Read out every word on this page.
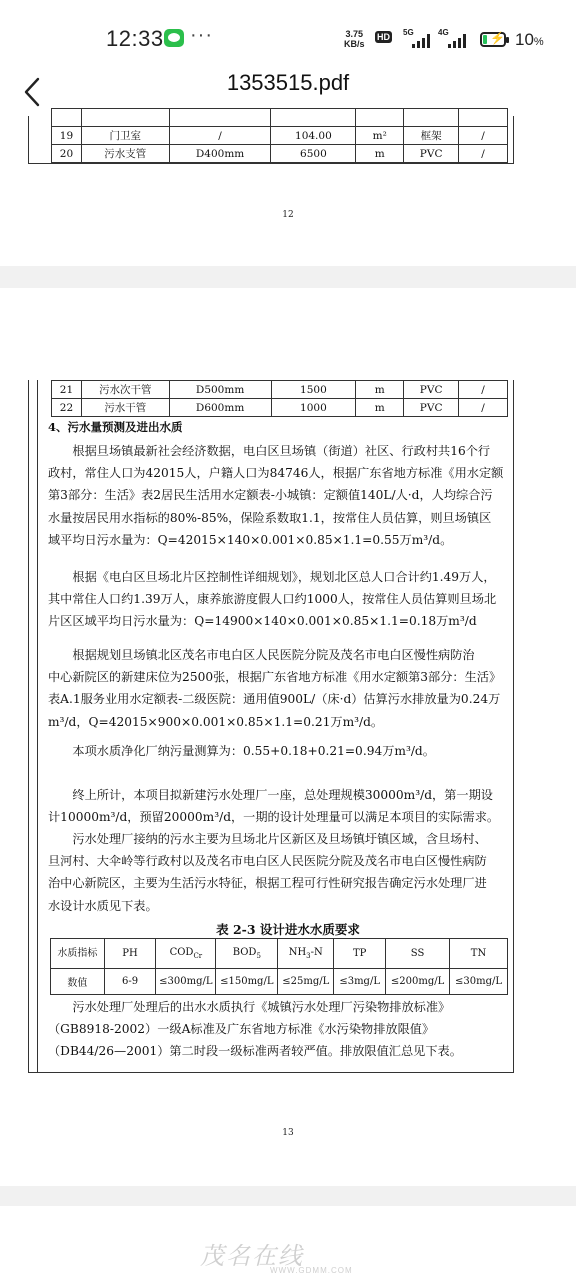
12:33 ···	3.75
KB/s
HD 5G	4G	⚡ 10%
1353515.pdf

19	门卫室	/	104.00	m²	框架	/
20	污水支管	D400mm	6500	m	PVC	/
12
21	污水次干管	D500mm	1500	m	PVC	/
22	污水干管	D600mm	1000	m	PVC	/
4、污水量预测及进出水质
根据旦场镇最新社会经济数据，电白区旦场镇（街道）社区、行政村共16个行
政村，常住人口为42015人，户籍人口为84746人，根据广东省地方标准《用水定额
第3部分：生活》表2居民生活用水定额表-小城镇：定额值140L/人·d，人均综合污
水量按居民用水指标的80%-85%，保险系数取1.1，按常住人员估算，则旦场镇区
域平均日污水量为：Q=42015×140×0.001×0.85×1.1=0.55万m³/d。
根据《电白区旦场北片区控制性详细规划》，规划北区总人口合计约1.49万人，
其中常住人口约1.39万人，康养旅游度假人口约1000人，按常住人员估算则旦场北
片区区域平均日污水量为：Q=14900×140×0.001×0.85×1.1=0.18万m³/d
根据规划旦场镇北区茂名市电白区人民医院分院及茂名市电白区慢性病防治
中心新院区的新建床位为2500张，根据广东省地方标准《用水定额第3部分：生活》
表A.1服务业用水定额表-二级医院：通用值900L/（床·d）估算污水排放量为0.24万
m³/d，Q=42015×900×0.001×0.85×1.1=0.21万m³/d。
本项水质净化厂纳污量测算为：0.55+0.18+0.21=0.94万m³/d。
终上所计，本项目拟新建污水处理厂一座，总处理规模30000m³/d，第一期设
计10000m³/d，预留20000m³/d，一期的设计处理量可以满足本项目的实际需求。
污水处理厂接纳的污水主要为旦场北片区新区及旦场镇圩镇区域，含旦场村、
旦河村、大伞岭等行政村以及茂名市电白区人民医院分院及茂名市电白区慢性病防
治中心新院区，主要为生活污水特征，根据工程可行性研究报告确定污水处理厂进
水设计水质见下表。
表 2-3 设计进水水质要求
水质指标	PH	$COD_{Cr}$	$BOD_5$	$NH_3-N$	TP	SS	TN
数值	6-9	≤300mg/L	≤150mg/L	≤25mg/L	≤3mg/L	≤200mg/L	≤30mg/L
污水处理厂处理后的出水水质执行《城镇污水处理厂污染物排放标准》
（GB8918-2002）一级A标准及广东省地方标准《水污染物排放限值》
（DB44/26—2001）第二时段一级标准两者较严值。排放限值汇总见下表。
13
茂名在线
WWW.GDMM.COM
